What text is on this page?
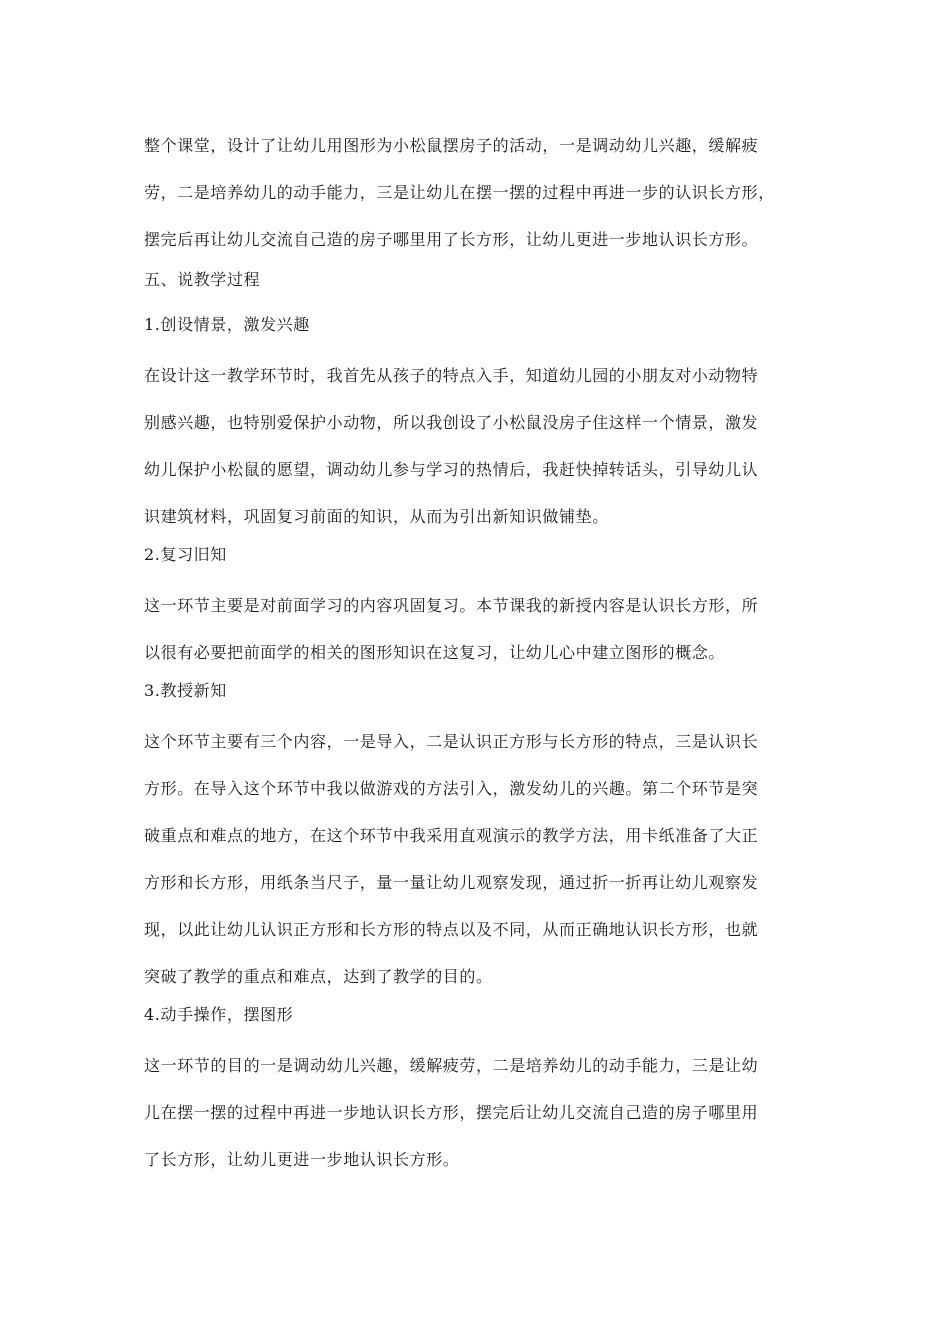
整个课堂，设计了让幼儿用图形为小松鼠摆房子的活动，一是调动幼儿兴趣，缓解疲
劳，二是培养幼儿的动手能力，三是让幼儿在摆一摆的过程中再进一步的认识长方形，
摆完后再让幼儿交流自己造的房子哪里用了长方形，让幼儿更进一步地认识长方形。
五、说教学过程
1.创设情景，激发兴趣
在设计这一教学环节时，我首先从孩子的特点入手，知道幼儿园的小朋友对小动物特
别感兴趣，也特别爱保护小动物，所以我创设了小松鼠没房子住这样一个情景，激发
幼儿保护小松鼠的愿望，调动幼儿参与学习的热情后，我赶快掉转话头，引导幼儿认
识建筑材料，巩固复习前面的知识，从而为引出新知识做铺垫。
2.复习旧知
这一环节主要是对前面学习的内容巩固复习。本节课我的新授内容是认识长方形，所
以很有必要把前面学的相关的图形知识在这复习，让幼儿心中建立图形的概念。
3.教授新知
这个环节主要有三个内容，一是导入，二是认识正方形与长方形的特点，三是认识长
方形。在导入这个环节中我以做游戏的方法引入，激发幼儿的兴趣。第二个环节是突
破重点和难点的地方，在这个环节中我采用直观演示的教学方法，用卡纸准备了大正
方形和长方形，用纸条当尺子，量一量让幼儿观察发现，通过折一折再让幼儿观察发
现，以此让幼儿认识正方形和长方形的特点以及不同，从而正确地认识长方形，也就
突破了教学的重点和难点，达到了教学的目的。
4.动手操作，摆图形
这一环节的目的一是调动幼儿兴趣，缓解疲劳，二是培养幼儿的动手能力，三是让幼
儿在摆一摆的过程中再进一步地认识长方形，摆完后让幼儿交流自己造的房子哪里用
了长方形，让幼儿更进一步地认识长方形。
